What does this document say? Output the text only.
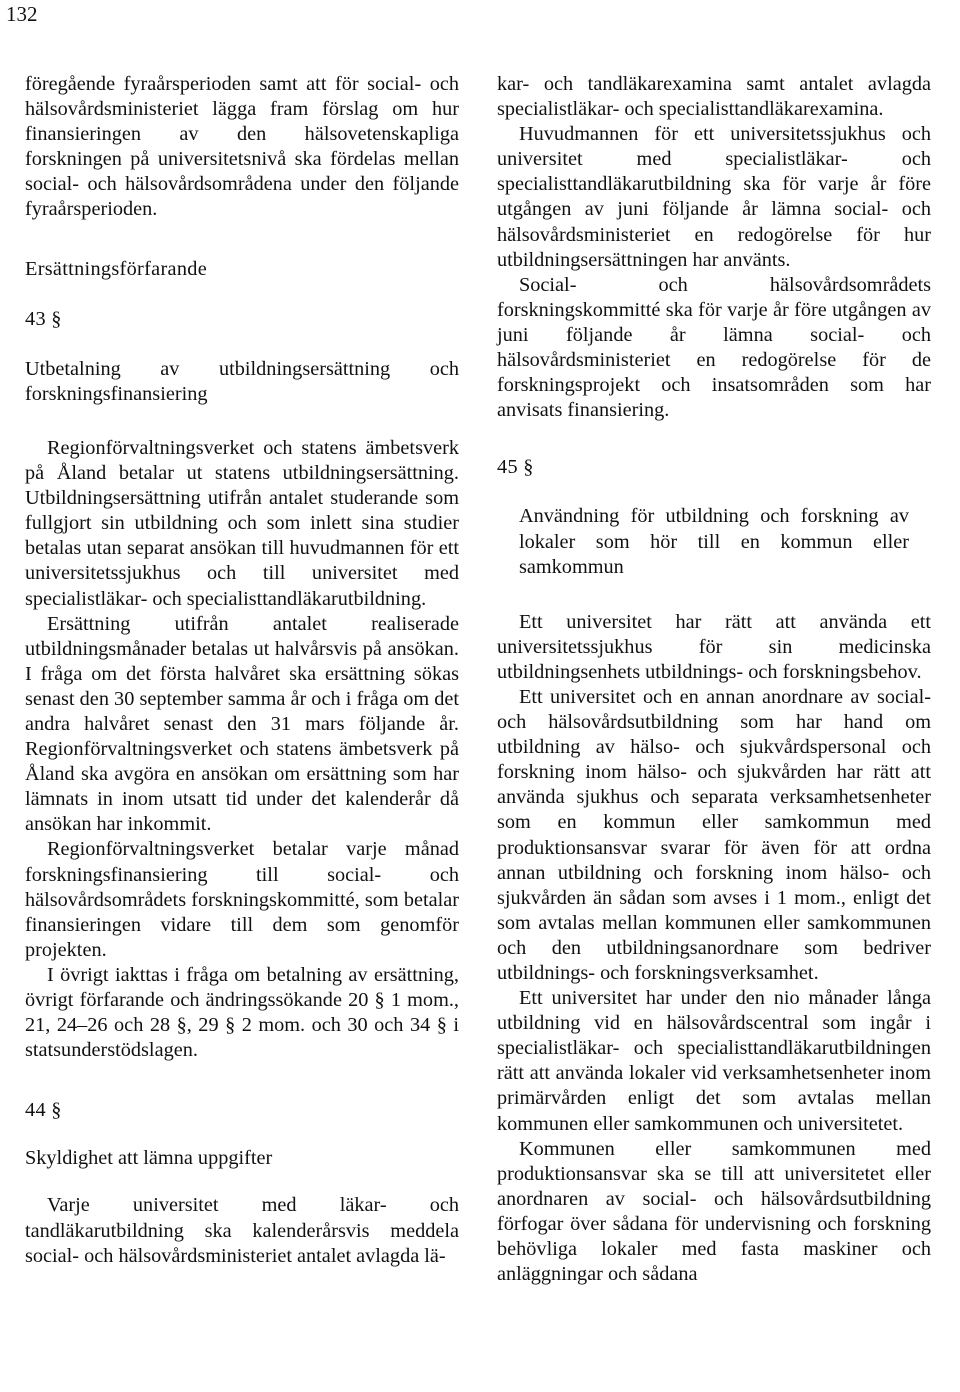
132

föregående fyraårsperioden samt att för social- och hälsovårdsministeriet lägga fram förslag om hur finansieringen av den hälsovetenskapliga forskningen på universitetsnivå ska fördelas mellan social- och hälsovårdsområdena under den följande fyraårsperioden.

Ersättningsförfarande

43 §

Utbetalning av utbildningsersättning och forskningsfinansiering

Regionförvaltningsverket och statens ämbetsverk på Åland betalar ut statens utbildningsersättning. Utbildningsersättning utifrån antalet studerande som fullgjort sin utbildning och som inlett sina studier betalas utan separat ansökan till huvudmannen för ett universitetssjukhus och till universitet med specialistläkar- och specialisttandläkarutbildning.

Ersättning utifrån antalet realiserade utbildningsmånader betalas ut halvårsvis på ansökan. I fråga om det första halvåret ska ersättning sökas senast den 30 september samma år och i fråga om det andra halvåret senast den 31 mars följande år. Regionförvaltningsverket och statens ämbetsverk på Åland ska avgöra en ansökan om ersättning som har lämnats in inom utsatt tid under det kalenderår då ansökan har inkommit.

Regionförvaltningsverket betalar varje månad forskningsfinansiering till social- och hälsovårdsområdets forskningskommitté, som betalar finansieringen vidare till dem som genomför projekten.

I övrigt iakttas i fråga om betalning av ersättning, övrigt förfarande och ändringssökande 20 § 1 mom., 21, 24–26 och 28 §, 29 § 2 mom. och 30 och 34 § i statsunderstödslagen.

44 §

Skyldighet att lämna uppgifter

Varje universitet med läkar- och tandläkarutbildning ska kalenderårsvis meddela social- och hälsovårdsministeriet antalet avlagda lä-

kar- och tandläkarexamina samt antalet avlagda specialistläkar- och specialisttandläkarexamina.

Huvudmannen för ett universitetssjukhus och universitet med specialistläkar- och specialisttandläkarutbildning ska för varje år före utgången av juni följande år lämna social- och hälsovårdsministeriet en redogörelse för hur utbildningsersättningen har använts.

Social- och hälsovårdsområdets forskningskommitté ska för varje år före utgången av juni följande år lämna social- och hälsovårdsministeriet en redogörelse för de forskningsprojekt och insatsområden som har anvisats finansiering.

45 §

Användning för utbildning och forskning av lokaler som hör till en kommun eller samkommun

Ett universitet har rätt att använda ett universitetssjukhus för sin medicinska utbildningsenhets utbildnings- och forskningsbehov.

Ett universitet och en annan anordnare av social- och hälsovårdsutbildning som har hand om utbildning av hälso- och sjukvårdspersonal och forskning inom hälso- och sjukvården har rätt att använda sjukhus och separata verksamhetsenheter som en kommun eller samkommun med produktionsansvar svarar för även för att ordna annan utbildning och forskning inom hälso- och sjukvården än sådan som avses i 1 mom., enligt det som avtalas mellan kommunen eller samkommunen och den utbildningsanordnare som bedriver utbildnings- och forskningsverksamhet.

Ett universitet har under den nio månader långa utbildning vid en hälsovårdscentral som ingår i specialistläkar- och specialisttandläkarutbildningen rätt att använda lokaler vid verksamhetsenheter inom primärvården enligt det som avtalas mellan kommunen eller samkommunen och universitetet.

Kommunen eller samkommunen med produktionsansvar ska se till att universitetet eller anordnaren av social- och hälsovårdsutbildning förfogar över sådana för undervisning och forskning behövliga lokaler med fasta maskiner och anläggningar och sådana
